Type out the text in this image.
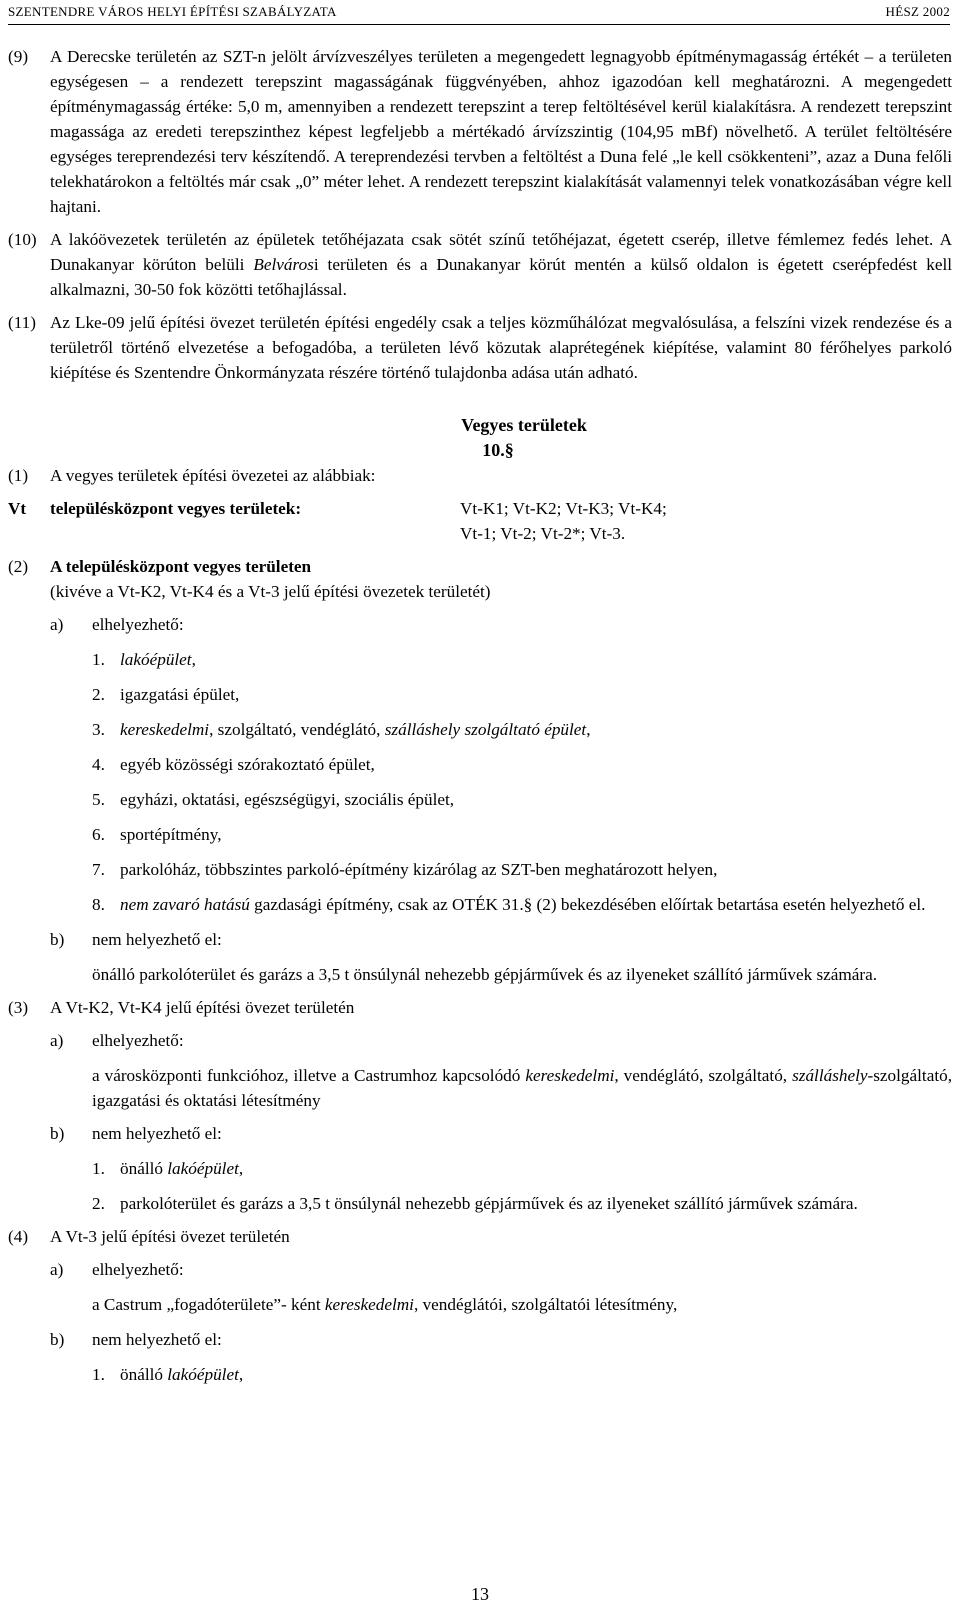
SZENTENDRE VÁROS HELYI ÉPÍTÉSI SZABÁLYZATA	HÉSZ 2002
(9)	A Derecske területén az SZT-n jelölt árvízveszélyes területen a megengedett legnagyobb építménymagasság értékét – a területen egységesen – a rendezett terepszint magasságának függvényében, ahhoz igazodóan kell meghatározni. A megengedett építménymagasság értéke: 5,0 m, amennyiben a rendezett terepszint a terep feltöltésével kerül kialakításra. A rendezett terepszint magassága az eredeti terepszinthez képest legfeljebb a mértékadó árvízszintig (104,95 mBf) növelhető. A terület feltöltésére egységes tereprendezési terv készítendő. A tereprendezési tervben a feltöltést a Duna felé „le kell csökkenteni”, azaz a Duna felőli telekhatárokon a feltöltés már csak „0” méter lehet. A rendezett terepszint kialakítását valamennyi telek vonatkozásában végre kell hajtani.
(10) A lakóövezetek területén az épületek tetőhéjazata csak sötét színű tetőhéjazat, égetett cserép, illetve fémlemez fedés lehet. A Dunakanyar körúton belüli Belvárosi területen és a Dunakanyar körút mentén a külső oldalon is égetett cserépfedést kell alkalmazni, 30-50 fok közötti tetőhajlással.
(11) Az Lke-09 jelű építési övezet területén építési engedély csak a teljes közműhálózat megvalósulása, a felszíni vizek rendezése és a területről történő elvezetése a befogadóba, a területen lévő közutak alaprétegének kiépítése, valamint 80 férőhelyes parkoló kiépítése és Szentendre Önkormányzata részére történő tulajdonba adása után adható.
Vegyes területek
10.§
(1)	A vegyes területek építési övezetei az alábbiak:
Vt	településközpont vegyes területek:	Vt-K1; Vt-K2; Vt-K3; Vt-K4;
Vt-1; Vt-2; Vt-2*; Vt-3.
(2)	A településközpont vegyes területen
(kivéve a Vt-K2, Vt-K4 és a Vt-3 jelű építési övezetek területét)
a)	elhelyezhető:
1. lakóépület,
2. igazgatási épület,
3. kereskedelmi, szolgáltató, vendéglátó, szálláshely szolgáltató épület,
4. egyéb közösségi szórakoztató épület,
5. egyházi, oktatási, egészségügyi, szociális épület,
6. sportépítmény,
7. parkolóház, többszintes parkoló-építmény kizárólag az SZT-ben meghatározott helyen,
8. nem zavaró hatású gazdasági építmény, csak az OTÉK 31.§ (2) bekezdésében előírtak betartása esetén helyezhető el.
b)	nem helyezhető el:
önálló parkolóterület és garázs a 3,5 t önsúlynál nehezebb gépjárművek és az ilyeneket szállító járművek számára.
(3)	A Vt-K2, Vt-K4 jelű építési övezet területén
a)	elhelyezhető:
a városközponti funkcióhoz, illetve a Castrumhoz kapcsolódó kereskedelmi, vendéglátó, szolgáltató, szálláshely-szolgáltató, igazgatási és oktatási létesítmény
b)	nem helyezhető el:
1. önálló lakóépület,
2. parkolóterület és garázs a 3,5 t önsúlynál nehezebb gépjárművek és az ilyeneket szállító járművek számára.
(4)	A Vt-3 jelű építési övezet területén
a)	elhelyezhető:
a Castrum „fogadóterülete”- ként kereskedelmi, vendéglátói, szolgáltatói létesítmény,
b)	nem helyezhető el:
1. önálló lakóépület,
13
